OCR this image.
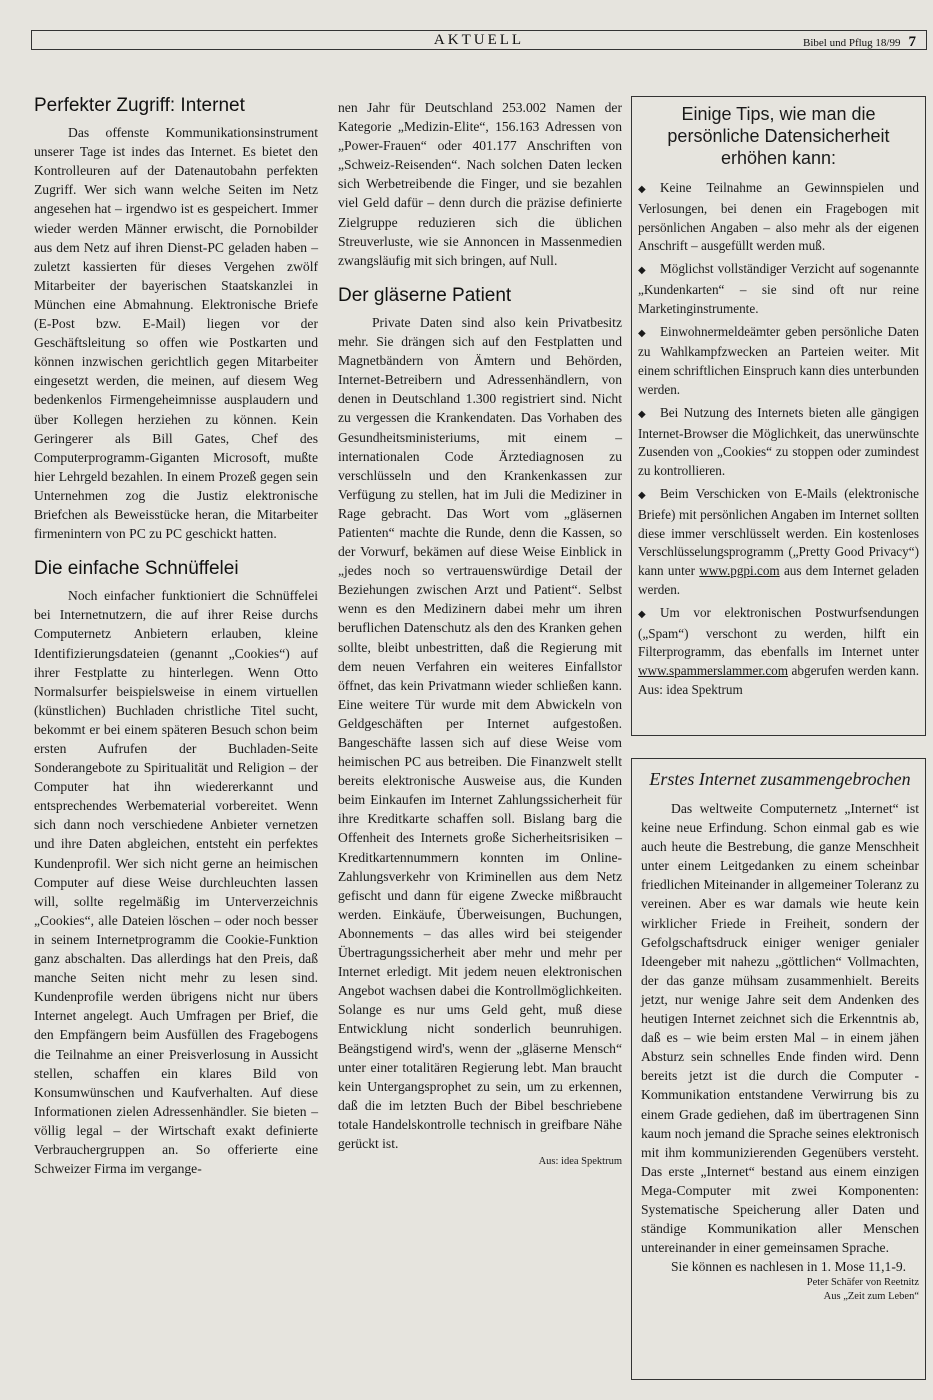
AKTUELL	Bibel und Pflug 18/99 7
Perfekter Zugriff: Internet

Das offenste Kommunikationsinstrument unserer Tage ist indes das Internet. Es bietet den Kontrolleuren auf der Datenautobahn perfekten Zugriff. Wer sich wann welche Seiten im Netz angesehen hat – irgendwo ist es gespeichert. Immer wieder werden Männer erwischt, die Pornobilder aus dem Netz auf ihren Dienst-PC geladen haben – zuletzt kassierten für dieses Vergehen zwölf Mitarbeiter der bayerischen Staatskanzlei in München eine Abmahnung. Elektronische Briefe (E-Post bzw. E-Mail) liegen vor der Geschäftsleitung so offen wie Postkarten und können inzwischen gerichtlich gegen Mitarbeiter eingesetzt werden, die meinen, auf diesem Weg bedenkenlos Firmengeheimnisse ausplaudern und über Kollegen herziehen zu können. Kein Geringerer als Bill Gates, Chef des Computerprogramm-Giganten Microsoft, mußte hier Lehrgeld bezahlen. In einem Prozeß gegen sein Unternehmen zog die Justiz elektronische Briefchen als Beweisstücke heran, die Mitarbeiter firmenintern von PC zu PC geschickt hatten.

Die einfache Schnüffelei

Noch einfacher funktioniert die Schnüffelei bei Internetnutzern, die auf ihrer Reise durchs Computernetz Anbietern erlauben, kleine Identifizierungsdateien (genannt „Cookies“) auf ihrer Festplatte zu hinterlegen. Wenn Otto Normalsurfer beispielsweise in einem virtuellen (künstlichen) Buchladen christliche Titel sucht, bekommt er bei einem späteren Besuch schon beim ersten Aufrufen der Buchladen-Seite Sonderangebote zu Spiritualität und Religion – der Computer hat ihn wiedererkannt und entsprechendes Werbematerial vorbereitet. Wenn sich dann noch verschiedene Anbieter vernetzen und ihre Daten abgleichen, entsteht ein perfektes Kundenprofil. Wer sich nicht gerne an heimischen Computer auf diese Weise durchleuchten lassen will, sollte regelmäßig im Unterverzeichnis „Cookies“, alle Dateien löschen – oder noch besser in seinem Internetprogramm die Cookie-Funktion ganz abschalten. Das allerdings hat den Preis, daß manche Seiten nicht mehr zu lesen sind. Kundenprofile werden übrigens nicht nur übers Internet angelegt. Auch Umfragen per Brief, die den Empfängern beim Ausfüllen des Fragebogens die Teilnahme an einer Preisverlosung in Aussicht stellen, schaffen ein klares Bild von Konsumwünschen und Kaufverhalten. Auf diese Informationen zielen Adressenhändler. Sie bieten – völlig legal – der Wirtschaft exakt definierte Verbrauchergruppen an. So offerierte eine Schweizer Firma im vergange-

nen Jahr für Deutschland 253.002 Namen der Kategorie „Medizin-Elite“, 156.163 Adressen von „Power-Frauen“ oder 401.177 Anschriften von „Schweiz-Reisenden“. Nach solchen Daten lecken sich Werbetreibende die Finger, und sie bezahlen viel Geld dafür – denn durch die präzise definierte Zielgruppe reduzieren sich die üblichen Streuverluste, wie sie Annoncen in Massenmedien zwangsläufig mit sich bringen, auf Null.

Der gläserne Patient

Private Daten sind also kein Privatbesitz mehr. Sie drängen sich auf den Festplatten und Magnetbändern von Ämtern und Behörden, Internet-Betreibern und Adressenhändlern, von denen in Deutschland 1.300 registriert sind. Nicht zu vergessen die Krankendaten. Das Vorhaben des Gesundheitsministeriums, mit einem –internationalen Code Ärztediagnosen zu verschlüsseln und den Krankenkassen zur Verfügung zu stellen, hat im Juli die Mediziner in Rage gebracht. Das Wort vom „gläsernen Patienten“ machte die Runde, denn die Kassen, so der Vorwurf, bekämen auf diese Weise Einblick in „jedes noch so vertrauenswürdige Detail der Beziehungen zwischen Arzt und Patient“. Selbst wenn es den Medizinern dabei mehr um ihren beruflichen Datenschutz als den des Kranken gehen sollte, bleibt unbestritten, daß die Regierung mit dem neuen Verfahren ein weiteres Einfallstor öffnet, das kein Privatmann wieder schließen kann. Eine weitere Tür wurde mit dem Abwickeln von Geldgeschäften per Internet aufgestoßen. Bangeschäfte lassen sich auf diese Weise vom heimischen PC aus betreiben. Die Finanzwelt stellt bereits elektronische Ausweise aus, die Kunden beim Einkaufen im Internet Zahlungssicherheit für ihre Kreditkarte schaffen soll. Bislang barg die Offenheit des Internets große Sicherheitsrisiken – Kreditkartennummern konnten im Online-Zahlungsverkehr von Kriminellen aus dem Netz gefischt und dann für eigene Zwecke mißbraucht werden. Einkäufe, Überweisungen, Buchungen, Abonnements – das alles wird bei steigender Übertragungssicherheit aber mehr und mehr per Internet erledigt. Mit jedem neuen elektronischen Angebot wachsen dabei die Kontrollmöglichkeiten. Solange es nur ums Geld geht, muß diese Entwicklung nicht sonderlich beunruhigen. Beängstigend wird's, wenn der „gläserne Mensch“ unter einer totalitären Regierung lebt. Man braucht kein Untergangsprophet zu sein, um zu erkennen, daß die im letzten Buch der Bibel beschriebene totale Handelskontrolle technisch in greifbare Nähe gerückt ist.

Aus: idea Spektrum
Einige Tips, wie man die persönliche Datensicherheit erhöhen kann:

◆ Keine Teilnahme an Gewinnspielen und Verlosungen, bei denen ein Fragebogen mit persönlichen Angaben – also mehr als der eigenen Anschrift – ausgefüllt werden muß.

◆ Möglichst vollständiger Verzicht auf sogenannte „Kundenkarten“ – sie sind oft nur reine Marketinginstrumente.

◆ Einwohnermeldeämter geben persönliche Daten zu Wahlkampfzwecken an Parteien weiter. Mit einem schriftlichen Einspruch kann dies unterbunden werden.

◆ Bei Nutzung des Internets bieten alle gängigen Internet-Browser die Möglichkeit, das unerwünschte Zusenden von „Cookies“ zu stoppen oder zumindest zu kontrollieren.

◆ Beim Verschicken von E-Mails (elektronische Briefe) mit persönlichen Angaben im Internet sollten diese immer verschlüsselt werden. Ein kostenloses Verschlüsselungsprogramm („Pretty Good Privacy“) kann unter www.pgpi.com aus dem Internet geladen werden.

◆ Um vor elektronischen Postwurfsendungen („Spam“) verschont zu werden, hilft ein Filterprogramm, das ebenfalls im Internet unter www.spammerslammer.com abgerufen werden kann. Aus: idea Spektrum

Erstes Internet zusammengebrochen

Das weltweite Computernetz „Internet“ ist keine neue Erfindung. Schon einmal gab es wie auch heute die Bestrebung, die ganze Menschheit unter einem Leitgedanken zu einem scheinbar friedlichen Miteinander in allgemeiner Toleranz zu vereinen. Aber es war damals wie heute kein wirklicher Friede in Freiheit, sondern der Gefolgschaftsdruck einiger weniger genialer Ideengeber mit nahezu „göttlichen“ Vollmachten, der das ganze mühsam zusammenhielt. Bereits jetzt, nur wenige Jahre seit dem Andenken des heutigen Internet zeichnet sich die Erkenntnis ab, daß es – wie beim ersten Mal – in einem jähen Absturz sein schnelles Ende finden wird. Denn bereits jetzt ist die durch die Computer - Kommunikation entstandene Verwirrung bis zu einem Grade gediehen, daß im übertragenen Sinn kaum noch jemand die Sprache seines elektronisch mit ihm kommunizierenden Gegenübers versteht. Das erste „Internet“ bestand aus einem einzigen Mega-Computer mit zwei Komponenten: Systematische Speicherung aller Daten und ständige Kommunikation aller Menschen untereinander in einer gemeinsamen Sprache.

Sie können es nachlesen in 1. Mose 11,1-9.

Peter Schäfer von Reetnitz
Aus „Zeit zum Leben“
